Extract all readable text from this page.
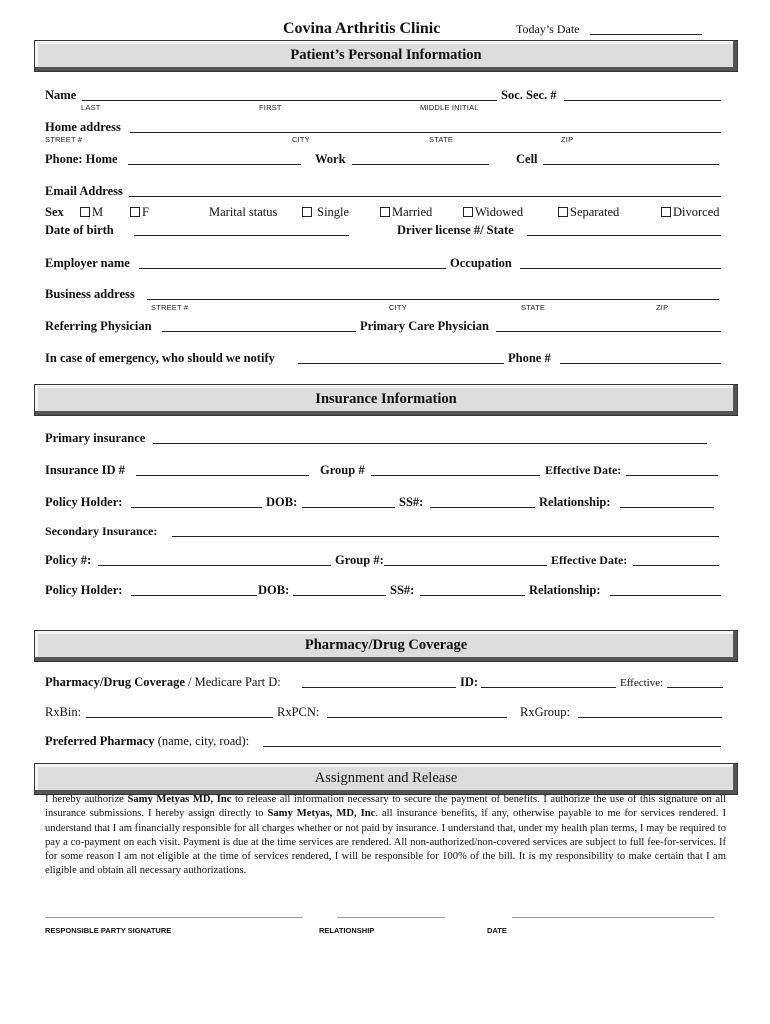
Covina Arthritis Clinic	Today’s Date
Patient’s Personal Information
Name	Soc. Sec. #
LAST	FIRST	MIDDLE INITIAL
Home address
STREET #	CITY	STATE	ZIP
Phone: Home	Work	Cell
Email Address
Sex	M	F	Marital status	Single	Married	Widowed	Separated	Divorced
Date of birth	Driver license #/ State
Employer name	Occupation
Business address
STREET #	CITY	STATE	ZIP
Referring Physician	Primary Care Physician
In case of emergency, who should we notify	Phone #
Insurance Information
Primary insurance
Insurance ID #	Group #	Effective Date:
Policy Holder:	DOB:	SS#:	Relationship:
Secondary Insurance:
Policy #:	Group #:	Effective Date:
Policy Holder:	DOB:	SS#:	Relationship:
Pharmacy/Drug Coverage
Pharmacy/Drug Coverage / Medicare Part D:	ID:	Effective:
RxBin:	RxPCN:	RxGroup:
Preferred Pharmacy (name, city, road):
Assignment and Release
I hereby authorize Samy Metyas MD, Inc to release all information necessary to secure the payment of benefits. I authorize the use of this signature on all insurance submissions. I hereby assign directly to Samy Metyas, MD, Inc. all insurance benefits, if any, otherwise payable to me for services rendered. I understand that I am financially responsible for all charges whether or not paid by insurance. I understand that, under my health plan terms, I may be required to pay a co-payment on each visit. Payment is due at the time services are rendered. All non-authorized/non-covered services are subject to full fee-for-services. If for some reason I am not eligible at the time of services rendered, I will be responsible for 100% of the bill. It is my responsibility to make certain that I am eligible and obtain all necessary authorizations.
RESPONSIBLE PARTY SIGNATURE	RELATIONSHIP	DATE
